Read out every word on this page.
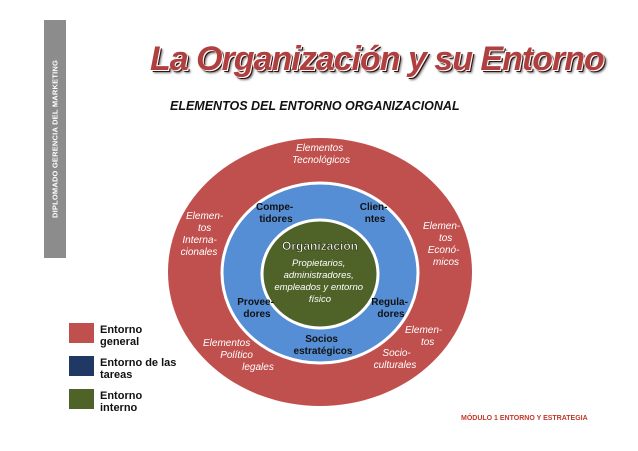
DIPLOMADO GERENCIA DEL MARKETING
La Organización y su Entorno
ELEMENTOS DEL ENTORNO ORGANIZACIONAL
Elementos Tecnológicos
Elemen- tos Interna- cionales
Elemen- tos Econó- micos
Elementos Político legales
Elemen- tos Socio- culturales
Compe- tidores
Clien- ntes
Provee- dores
Regula- dores
Socios estratégicos
Organización
Propietarios, administradores, empleados y entorno físico
Entorno general
Entorno de las tareas
Entorno interno
MÓDULO 1 ENTORNO Y ESTRATEGIA
